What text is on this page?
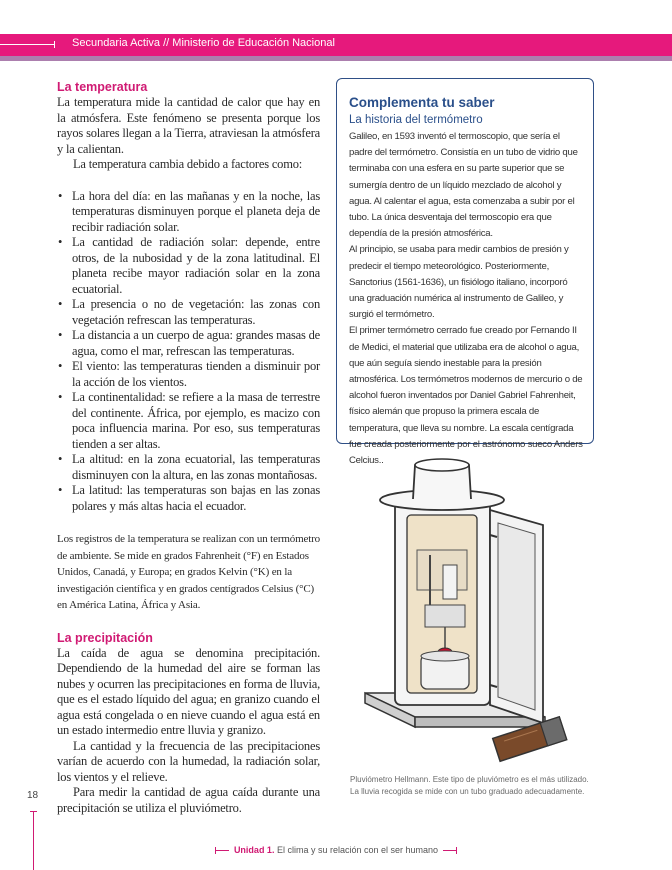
Secundaria Activa // Ministerio de Educación Nacional
La temperatura

La temperatura mide la cantidad de calor que hay en la atmósfera. Este fenómeno se presenta porque los rayos solares llegan a la Tierra, atraviesan la atmósfera y la calientan.

La temperatura cambia debido a factores como:

• La hora del día: en las mañanas y en la noche, las temperaturas disminuyen porque el planeta deja de recibir radiación solar.
• La cantidad de radiación solar: depende, entre otros, de la nubosidad y de la zona latitudinal. El planeta recibe mayor radiación solar en la zona ecuatorial.
• La presencia o no de vegetación: las zonas con vegetación refrescan las temperaturas.
• La distancia a un cuerpo de agua: grandes masas de agua, como el mar, refrescan las temperaturas.
• El viento: las temperaturas tienden a disminuir por la acción de los vientos.
• La continentalidad: se refiere a la masa de terrestre del continente. África, por ejemplo, es macizo con poca influencia marina. Por eso, sus temperaturas tienden a ser altas.
• La altitud: en la zona ecuatorial, las temperaturas disminuyen con la altura, en las zonas montañosas.
• La latitud: las temperaturas son bajas en las zonas polares y más altas hacia el ecuador.

Los registros de la temperatura se realizan con un termómetro de ambiente. Se mide en grados Fahrenheit (°F) en Estados Unidos, Canadá, y Europa; en grados Kelvin (°K) en la investigación científica y en grados centígrados Celsius (°C) en América Latina, África y Asia.

La precipitación

La caída de agua se denomina precipitación. Dependiendo de la humedad del aire se forman las nubes y ocurren las precipitaciones en forma de lluvia, que es el estado líquido del agua; en granizo cuando el agua está congelada o en nieve cuando el agua está en un estado intermedio entre lluvia y granizo.

La cantidad y la frecuencia de las precipitaciones varían de acuerdo con la humedad, la radiación solar, los vientos y el relieve.

Para medir la cantidad de agua caída durante una precipitación se utiliza el pluviómetro.

Complementa tu saber
La historia del termómetro

Galileo, en 1593 inventó el termoscopio, que sería el padre del termómetro. Consistía en un tubo de vidrio que terminaba con una esfera en su parte superior que se sumergía dentro de un líquido mezclado de alcohol y agua. Al calentar el agua, esta comenzaba a subir por el tubo. La única desventaja del termoscopio era que dependía de la presión atmosférica.

Al principio, se usaba para medir cambios de presión y predecir el tiempo meteorológico. Posteriormente, Sanctorius (1561-1636), un fisiólogo italiano, incorporó una graduación numérica al instrumento de Galileo, y surgió el termómetro.

El primer termómetro cerrado fue creado por Fernando II de Medici, el material que utilizaba era de alcohol o agua, que aún seguía siendo inestable para la presión atmosférica. Los termómetros modernos de mercurio o de alcohol fueron inventados por Daniel Gabriel Fahrenheit, físico alemán que propuso la primera escala de temperatura, que lleva su nombre. La escala centígrada fue creada posteriormente por el astrónomo sueco Anders Celcius..

Pluviómetro Hellmann. Este tipo de pluviómetro es el más utilizado. La lluvia recogida se mide con un tubo graduado adecuadamente.
18
Unidad 1. El clima y su relación con el ser humano
